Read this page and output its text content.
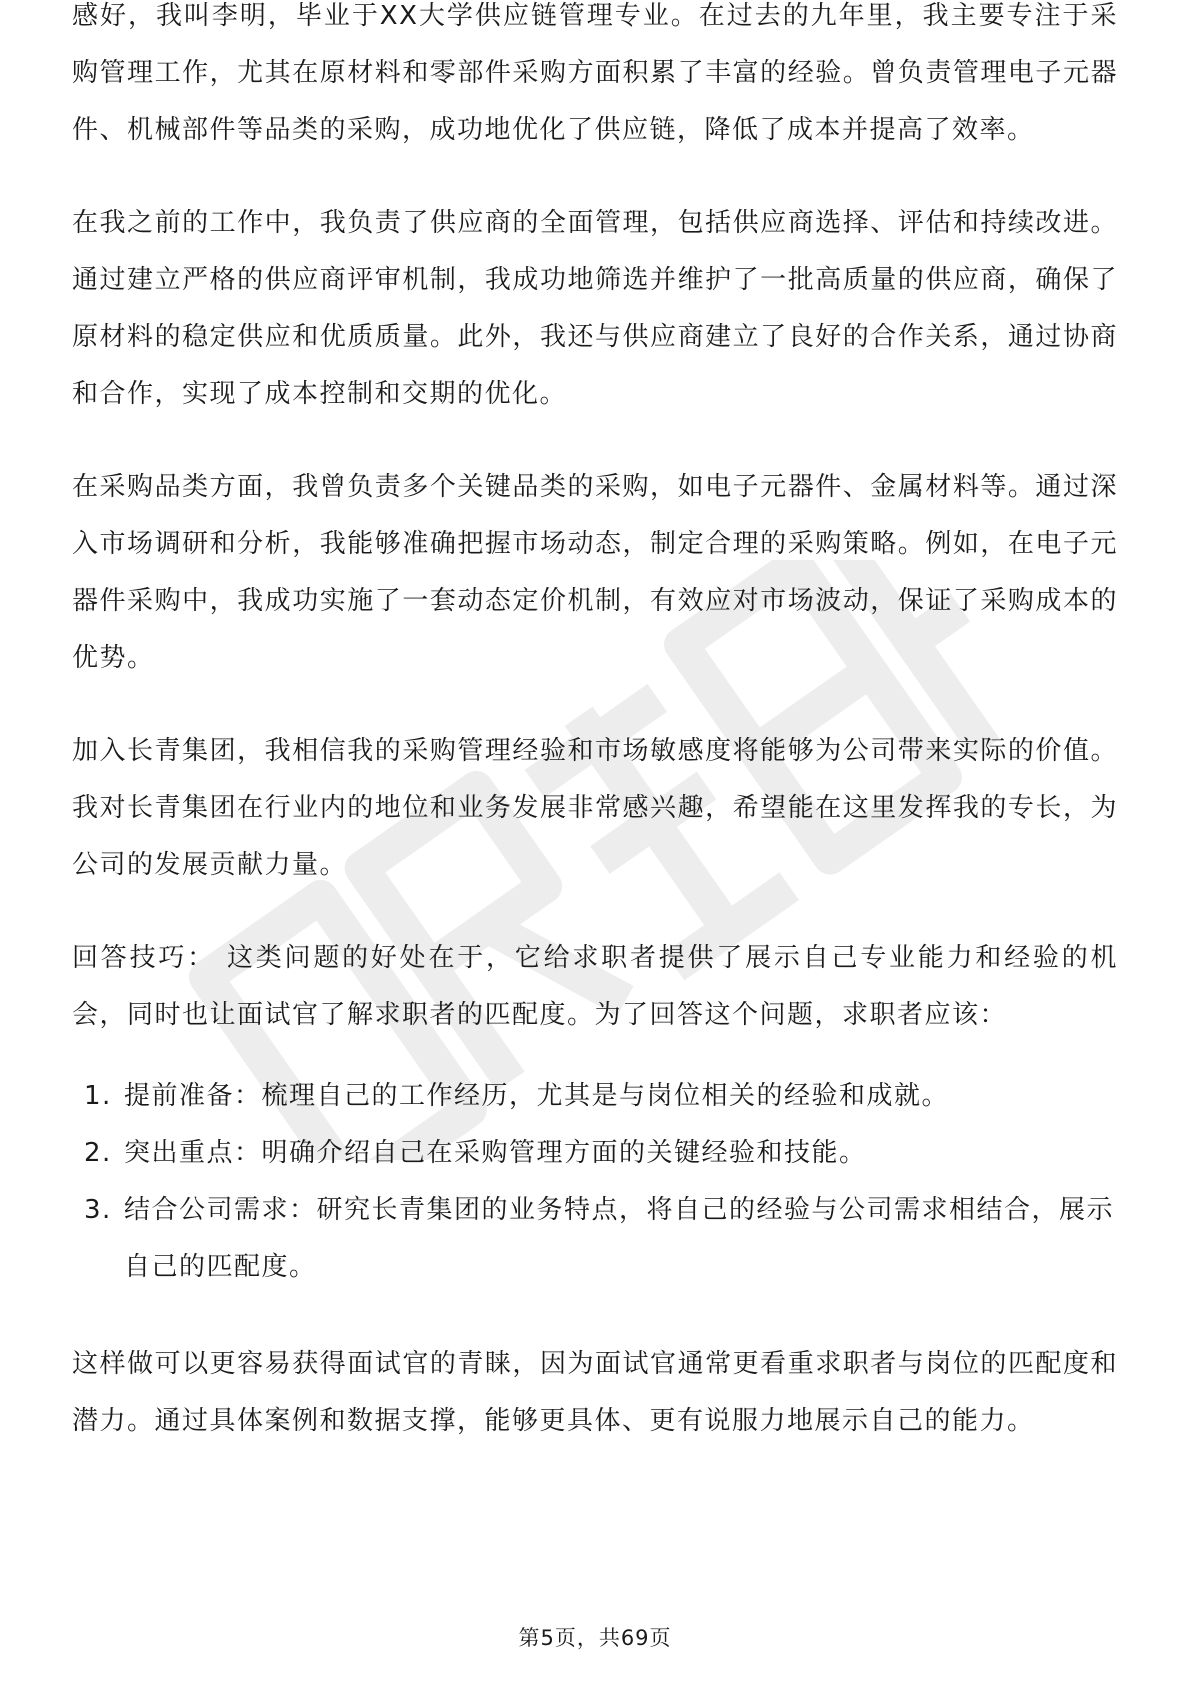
感好，我叫李明，毕业于XX大学供应链管理专业。在过去的九年里，我主要专注于采购管理工作，尤其在原材料和零部件采购方面积累了丰富的经验。曾负责管理电子元器件、机械部件等品类的采购，成功地优化了供应链，降低了成本并提高了效率。

在我之前的工作中，我负责了供应商的全面管理，包括供应商选择、评估和持续改进。通过建立严格的供应商评审机制，我成功地筛选并维护了一批高质量的供应商，确保了原材料的稳定供应和优质质量。此外，我还与供应商建立了良好的合作关系，通过协商和合作，实现了成本控制和交期的优化。

在采购品类方面，我曾负责多个关键品类的采购，如电子元器件、金属材料等。通过深入市场调研和分析，我能够准确把握市场动态，制定合理的采购策略。例如，在电子元器件采购中，我成功实施了一套动态定价机制，有效应对市场波动，保证了采购成本的优势。

加入长青集团，我相信我的采购管理经验和市场敏感度将能够为公司带来实际的价值。我对长青集团在行业内的地位和业务发展非常感兴趣，希望能在这里发挥我的专长，为公司的发展贡献力量。

回答技巧： 这类问题的好处在于，它给求职者提供了展示自己专业能力和经验的机会，同时也让面试官了解求职者的匹配度。为了回答这个问题，求职者应该：

1. 提前准备：梳理自己的工作经历，尤其是与岗位相关的经验和成就。
2. 突出重点：明确介绍自己在采购管理方面的关键经验和技能。
3. 结合公司需求：研究长青集团的业务特点，将自己的经验与公司需求相结合，展示自己的匹配度。

这样做可以更容易获得面试官的青睐，因为面试官通常更看重求职者与岗位的匹配度和潜力。通过具体案例和数据支撑，能够更具体、更有说服力地展示自己的能力。

第5页，共69页
